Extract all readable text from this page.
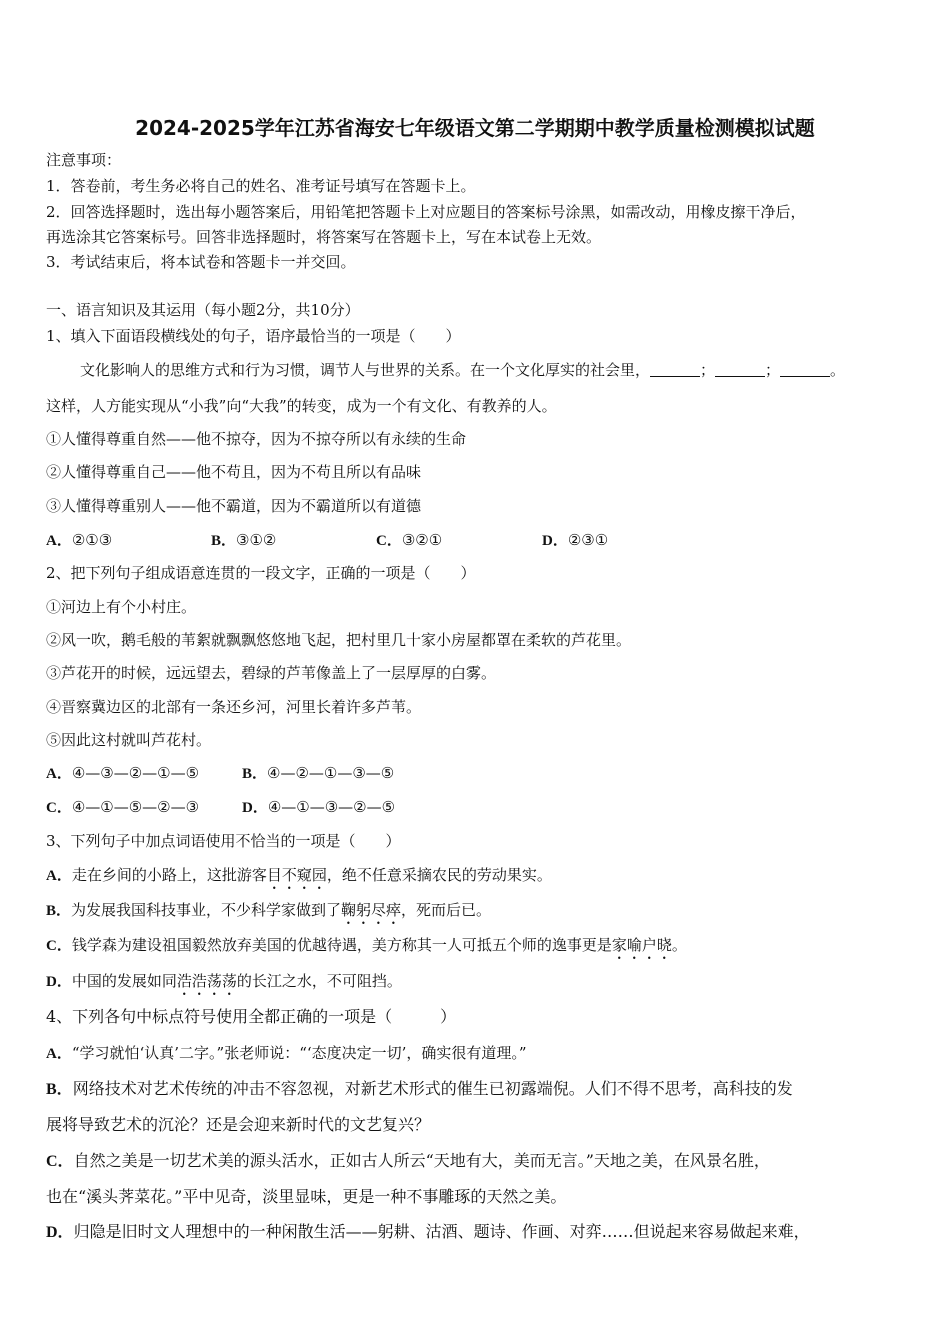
2024-2025学年江苏省海安七年级语文第二学期期中教学质量检测模拟试题
注意事项：
1．答卷前，考生务必将自己的姓名、准考证号填写在答题卡上。
2．回答选择题时，选出每小题答案后，用铅笔把答题卡上对应题目的答案标号涂黑，如需改动，用橡皮擦干净后，
再选涂其它答案标号。回答非选择题时，将答案写在答题卡上，写在本试卷上无效。
3．考试结束后，将本试卷和答题卡一并交回。
一、语言知识及其运用（每小题2分，共10分）
1、填入下面语段横线处的句子，语序最恰当的一项是（　　）
文化影响人的思维方式和行为习惯，调节人与世界的关系。在一个文化厚实的社会里，	；	；	。
这样，人方能实现从“小我”向“大我”的转变，成为一个有文化、有教养的人。
①人懂得尊重自然——他不掠夺，因为不掠夺所以有永续的生命
②人懂得尊重自己——他不苟且，因为不苟且所以有品味
③人懂得尊重别人——他不霸道，因为不霸道所以有道德
A．②①③	B．③①②	C．③②①	D．②③①
2、把下列句子组成语意连贯的一段文字，正确的一项是（　　）
①河边上有个小村庄。
②风一吹，鹅毛般的苇絮就飘飘悠悠地飞起，把村里几十家小房屋都罩在柔软的芦花里。
③芦花开的时候，远远望去，碧绿的芦苇像盖上了一层厚厚的白雾。
④晋察冀边区的北部有一条还乡河，河里长着许多芦苇。
⑤因此这村就叫芦花村。
A．④—③—②—①—⑤	B．④—②—①—③—⑤
C．④—①—⑤—②—③	D．④—①—③—②—⑤
3、下列句子中加点词语使用不恰当的一项是（　　）
A．走在乡间的小路上，这批游客目不窥园，绝不任意采摘农民的劳动果实。
B．为发展我国科技事业，不少科学家做到了鞠躬尽瘁，死而后已。
C．钱学森为建设祖国毅然放弃美国的优越待遇，美方称其一人可抵五个师的逸事更是家喻户晓。
D．中国的发展如同浩浩荡荡的长江之水，不可阻挡。
4、下列各句中标点符号使用全都正确的一项是（　　　）
A．“学习就怕‘认真’二字。”张老师说：“‘态度决定一切’，确实很有道理。”
B．网络技术对艺术传统的冲击不容忽视，对新艺术形式的催生已初露端倪。人们不得不思考，高科技的发
展将导致艺术的沉沦？还是会迎来新时代的文艺复兴？
C．自然之美是一切艺术美的源头活水，正如古人所云“天地有大，美而无言。”天地之美，在风景名胜，
也在“溪头荠菜花。”平中见奇，淡里显味，更是一种不事雕琢的天然之美。
D．归隐是旧时文人理想中的一种闲散生活——躬耕、沽酒、题诗、作画、对弈……但说起来容易做起来难，
